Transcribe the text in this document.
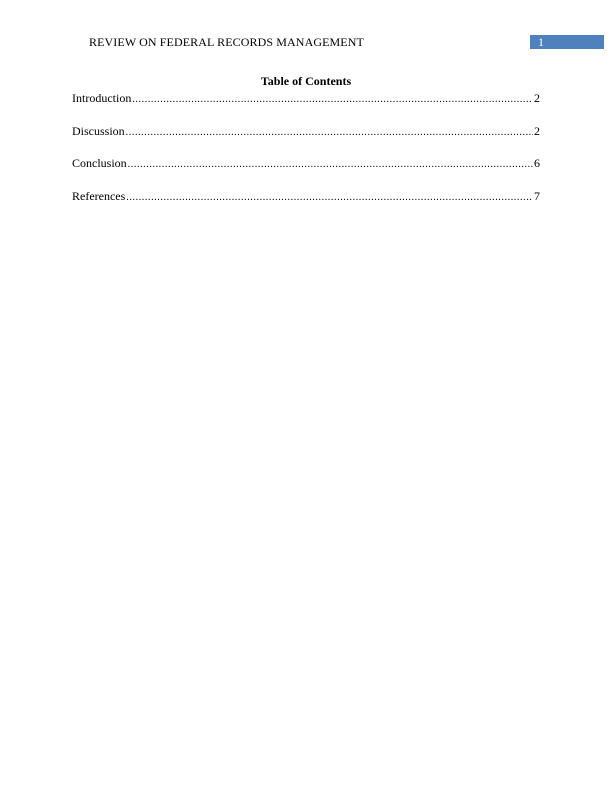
REVIEW ON FEDERAL RECORDS MANAGEMENT	1
Table of Contents
Introduction .....	2
Discussion .....	2
Conclusion .....	6
References .....	7
